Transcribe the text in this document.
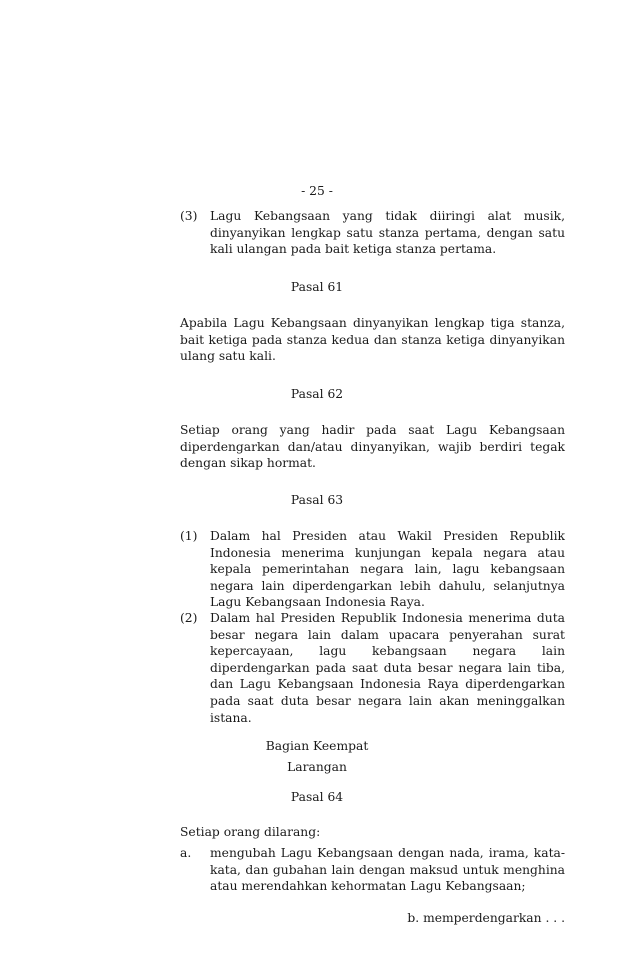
- 25 -
(3) Lagu Kebangsaan yang tidak diiringi alat musik, dinyanyikan lengkap satu stanza pertama, dengan satu kali ulangan pada bait ketiga stanza pertama.
Pasal 61
Apabila Lagu Kebangsaan dinyanyikan lengkap tiga stanza, bait ketiga pada stanza kedua dan stanza ketiga dinyanyikan ulang satu kali.
Pasal 62
Setiap orang yang hadir pada saat Lagu Kebangsaan diperdengarkan dan/atau dinyanyikan, wajib berdiri tegak dengan sikap hormat.
Pasal 63
(1) Dalam hal Presiden atau Wakil Presiden Republik Indonesia menerima kunjungan kepala negara atau kepala pemerintahan negara lain, lagu kebangsaan negara lain diperdengarkan lebih dahulu, selanjutnya Lagu Kebangsaan Indonesia Raya.
(2) Dalam hal Presiden Republik Indonesia menerima duta besar negara lain dalam upacara penyerahan surat kepercayaan, lagu kebangsaan negara lain diperdengarkan pada saat duta besar negara lain tiba, dan Lagu Kebangsaan Indonesia Raya diperdengarkan pada saat duta besar negara lain akan meninggalkan istana.
Bagian Keempat
Larangan
Pasal 64
Setiap orang dilarang:
a. mengubah Lagu Kebangsaan dengan nada, irama, kata-kata, dan gubahan lain dengan maksud untuk menghina atau merendahkan kehormatan Lagu Kebangsaan;
b. memperdengarkan . . .
